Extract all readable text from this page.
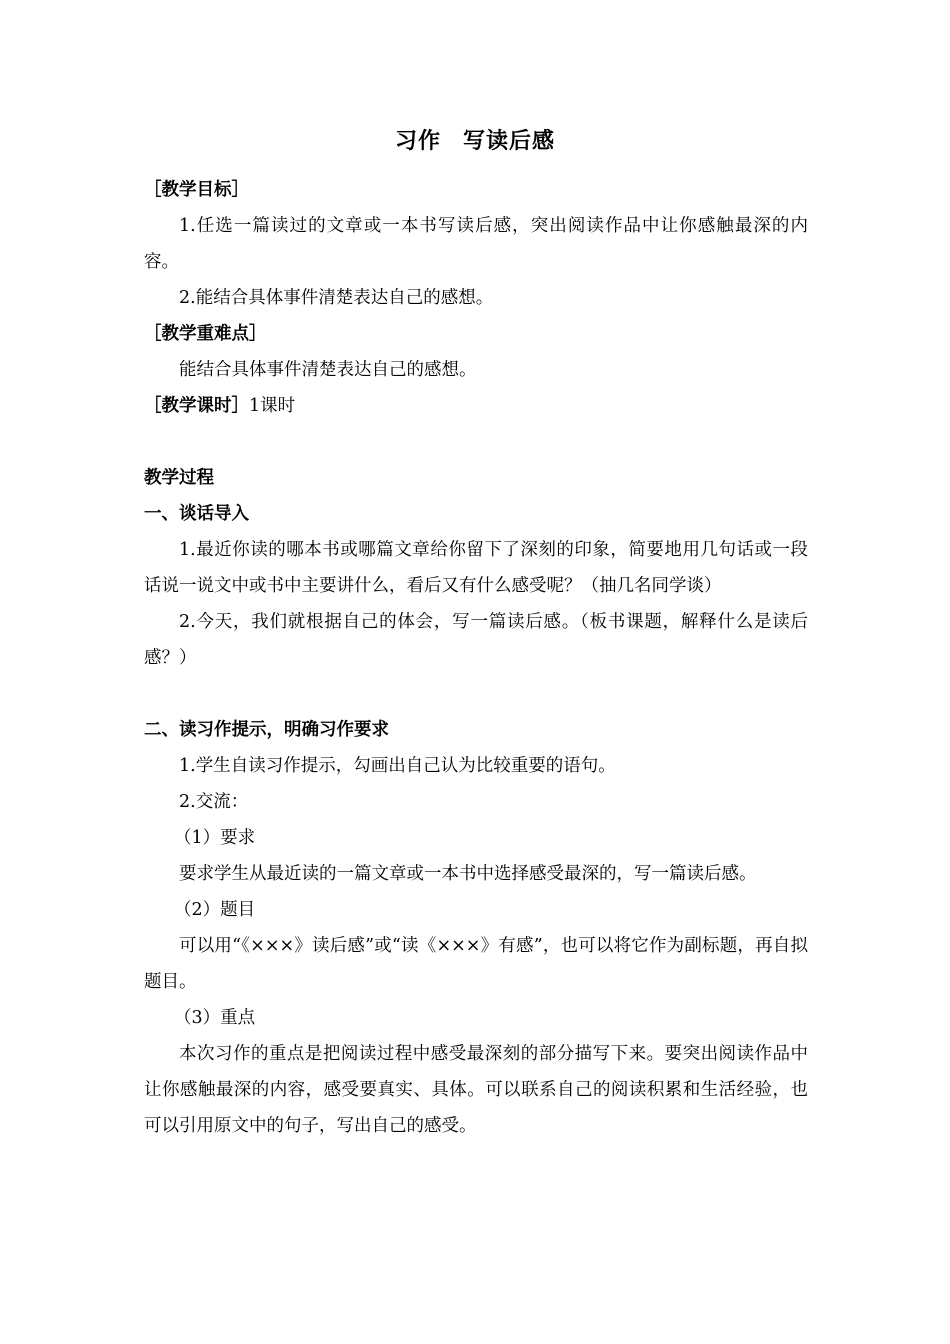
习作 写读后感

［教学目标］

1.任选一篇读过的文章或一本书写读后感，突出阅读作品中让你感触最深的内容。

2.能结合具体事件清楚表达自己的感想。

［教学重难点］

能结合具体事件清楚表达自己的感想。

［教学课时］1课时

教学过程

一、谈话导入

1.最近你读的哪本书或哪篇文章给你留下了深刻的印象，简要地用几句话或一段话说一说文中或书中主要讲什么，看后又有什么感受呢？（抽几名同学谈）

2.今天，我们就根据自己的体会，写一篇读后感。（板书课题，解释什么是读后感？）

二、读习作提示，明确习作要求

1.学生自读习作提示，勾画出自己认为比较重要的语句。

2.交流：

（1）要求

要求学生从最近读的一篇文章或一本书中选择感受最深的，写一篇读后感。

（2）题目

可以用“《×××》读后感”或“读《×××》有感”，也可以将它作为副标题，再自拟题目。

（3）重点

本次习作的重点是把阅读过程中感受最深刻的部分描写下来。要突出阅读作品中让你感触最深的内容，感受要真实、具体。可以联系自己的阅读积累和生活经验，也可以引用原文中的句子，写出自己的感受。
